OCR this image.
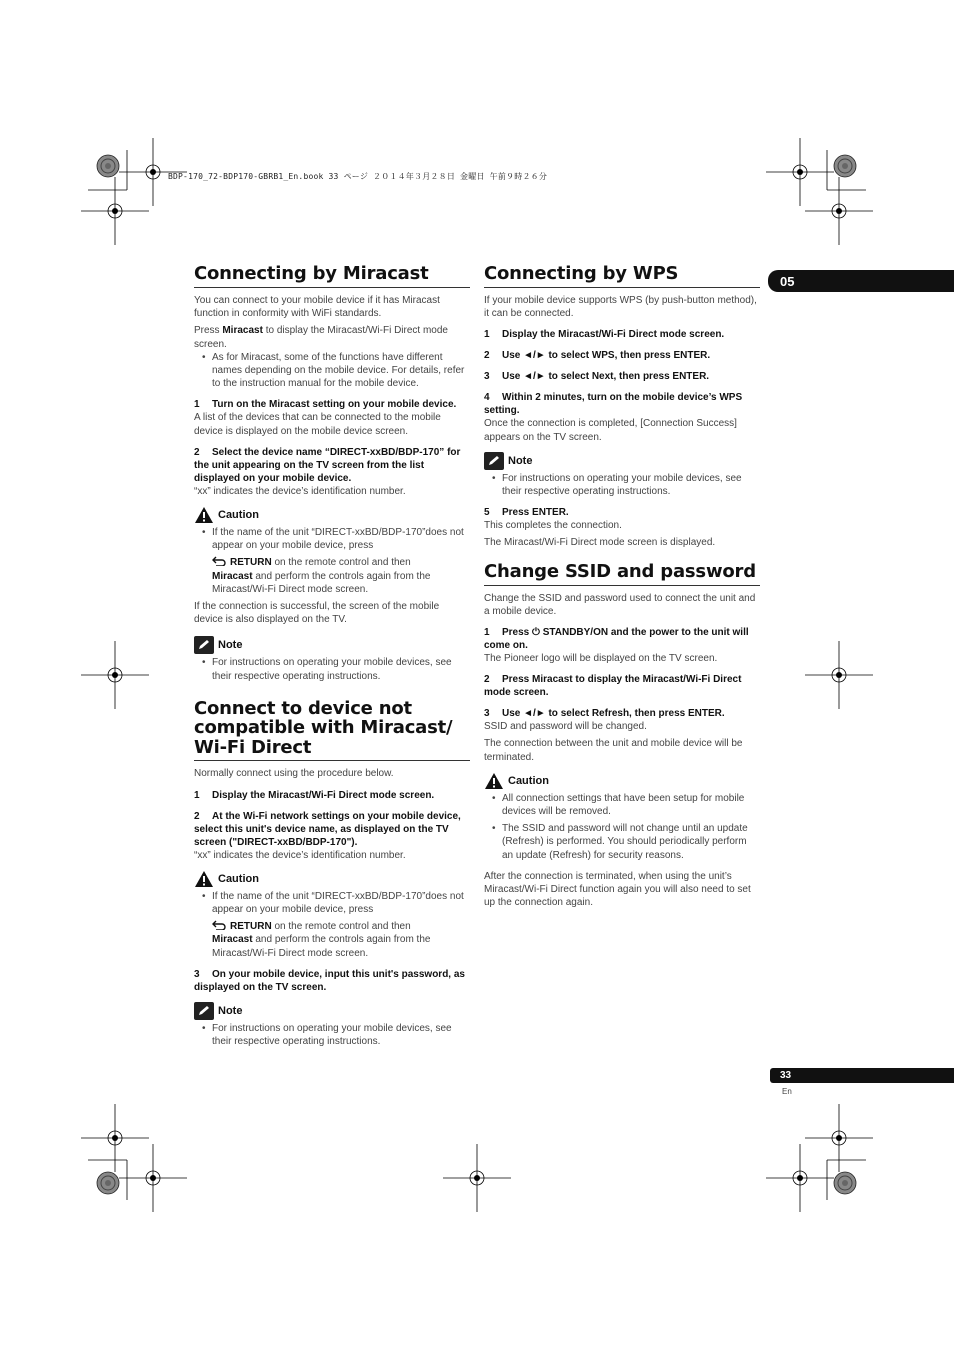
BDP-170_72-BDP170-GBRB1_En.book 33 ページ ２０１４年３月２８日 金曜日 午前９時２６分
05
33
En
Connecting by Miracast

You can connect to your mobile device if it has Miracast function in conformity with WiFi standards.

Press Miracast to display the Miracast/Wi-Fi Direct mode screen.

• As for Miracast, some of the functions have different names depending on the mobile device. For details, refer to the instruction manual for the mobile device.

1 Turn on the Miracast setting on your mobile device.

A list of the devices that can be connected to the mobile device is displayed on the mobile device screen.

2 Select the device name “DIRECT-xxBD/BDP-170” for the unit appearing on the TV screen from the list displayed on your mobile device.

“xx” indicates the device’s identification number.

Caution
• If the name of the unit “DIRECT-xxBD/BDP-170”does not appear on your mobile device, press
RETURN on the remote control and then
Miracast and perform the controls again from the Miracast/Wi-Fi Direct mode screen.

If the connection is successful, the screen of the mobile device is also displayed on the TV.

Note
• For instructions on operating your mobile devices, see their respective operating instructions.
Connect to device not
compatible with Miracast/
Wi-Fi Direct

Normally connect using the procedure below.

1 Display the Miracast/Wi-Fi Direct mode screen.

2 At the Wi-Fi network settings on your mobile device, select this unit's device name, as displayed on the TV screen ("DIRECT-xxBD/BDP-170").

“xx” indicates the device’s identification number.

Caution
• If the name of the unit “DIRECT-xxBD/BDP-170”does not appear on your mobile device, press
RETURN on the remote control and then
Miracast and perform the controls again from the Miracast/Wi-Fi Direct mode screen.

3 On your mobile device, input this unit's password, as displayed on the TV screen.

Note
• For instructions on operating your mobile devices, see their respective operating instructions.
Connecting by WPS

If your mobile device supports WPS (by push-button method), it can be connected.

1 Display the Miracast/Wi-Fi Direct mode screen.

2 Use ◄/► to select WPS, then press ENTER.

3 Use ◄/► to select Next, then press ENTER.

4 Within 2 minutes, turn on the mobile device’s WPS setting.

Once the connection is completed, [Connection Success] appears on the TV screen.

Note
• For instructions on operating your mobile devices, see their respective operating instructions.

5 Press ENTER.

This completes the connection.

The Miracast/Wi-Fi Direct mode screen is displayed.

Change SSID and password

Change the SSID and password used to connect the unit and a mobile device.

1 Press ⏻ STANDBY/ON and the power to the unit will come on.

The Pioneer logo will be displayed on the TV screen.

2 Press Miracast to display the Miracast/Wi-Fi Direct mode screen.

3 Use ◄/► to select Refresh, then press ENTER.

SSID and password will be changed.

The connection between the unit and mobile device will be terminated.

Caution
• All connection settings that have been setup for mobile devices will be removed.
• The SSID and password will not change until an update (Refresh) is performed. You should periodically perform an update (Refresh) for security reasons.

After the connection is terminated, when using the unit’s Miracast/Wi-Fi Direct function again you will also need to set up the connection again.
